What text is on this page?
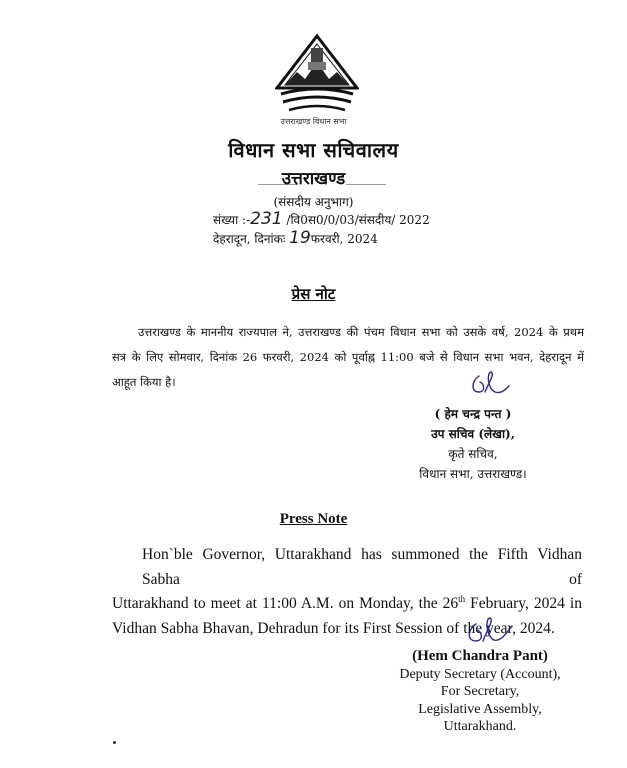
उत्तराखण्ड विधान सभा
विधान सभा सचिवालय
उत्तराखण्ड
(संसदीय अनुभाग)
संख्या :-231 /वि0स0/0/03/संसदीय/ 2022
देहरादून, दिनांकः 19फरवरी, 2024
प्रेस नोट

उत्तराखण्ड के माननीय राज्यपाल ने, उत्तराखण्ड की पंचम विधान सभा को उसके वर्ष, 2024 के प्रथम

सत्र के लिए सोमवार, दिनांक 26 फरवरी, 2024 को पूर्वाह्न 11:00 बजे से विधान सभा भवन, देहरादून में

आहूत किया है।

( हेम चन्द्र पन्त )
उप सचिव (लेखा),
कृते सचिव,
विधान सभा, उत्तराखण्ड।
Press Note
Hon`ble Governor, Uttarakhand has summoned the Fifth Vidhan Sabha of
Uttarakhand to meet at 11:00 A.M. on Monday, the 26th February, 2024 in
Vidhan Sabha Bhavan, Dehradun for its First Session of the year, 2024.
(Hem Chandra Pant)
Deputy Secretary (Account),
For Secretary,
Legislative Assembly,
Uttarakhand.
